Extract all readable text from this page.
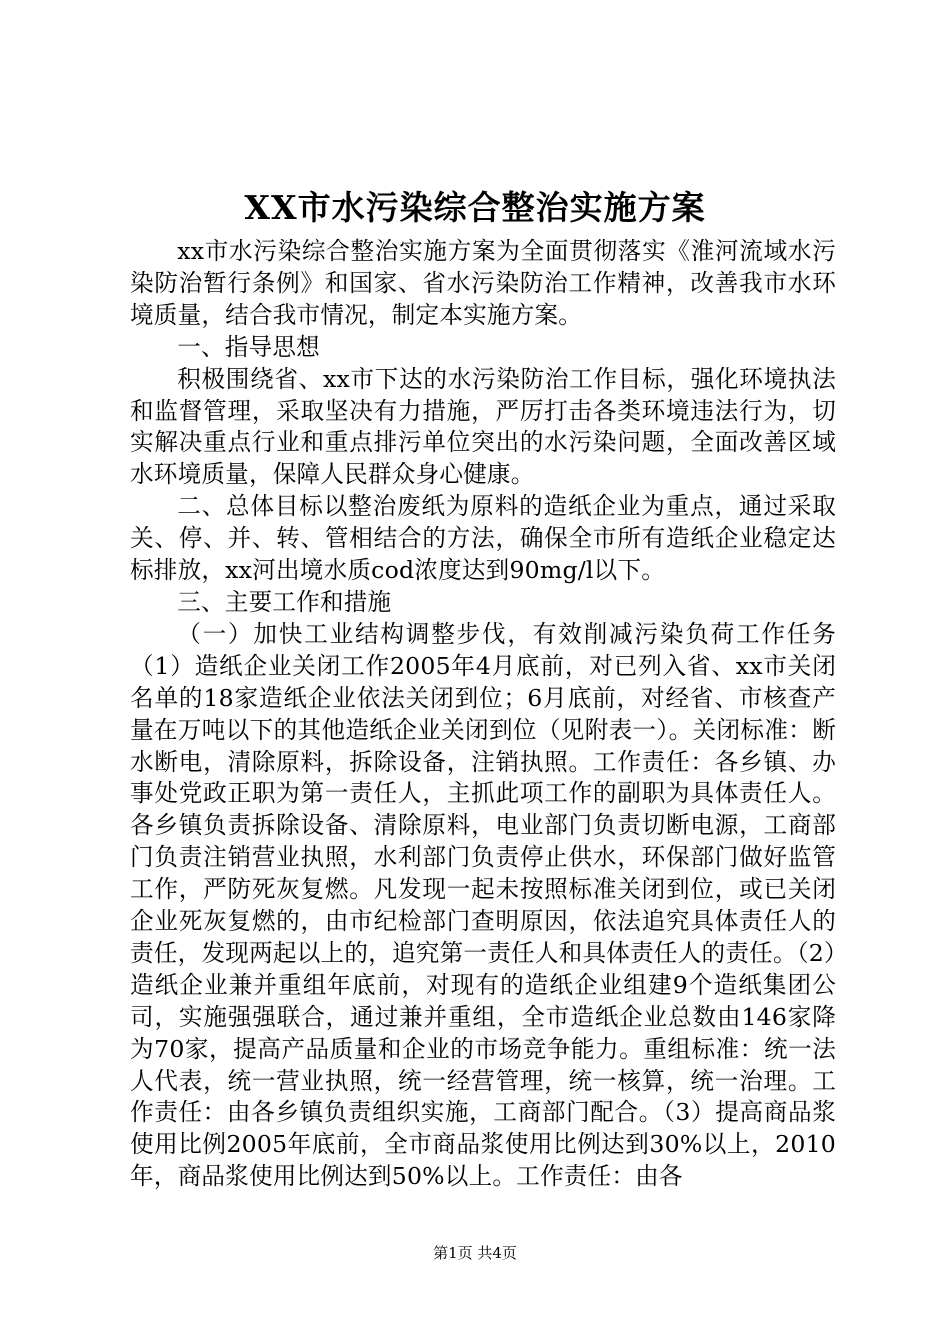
XX市水污染综合整治实施方案

xx市水污染综合整治实施方案为全面贯彻落实《淮河流域水污染防治暂行条例》和国家、省水污染防治工作精神，改善我市水环境质量，结合我市情况，制定本实施方案。

一、指导思想

积极围绕省、xx市下达的水污染防治工作目标，强化环境执法和监督管理，采取坚决有力措施，严厉打击各类环境违法行为，切实解决重点行业和重点排污单位突出的水污染问题，全面改善区域水环境质量，保障人民群众身心健康。

二、总体目标以整治废纸为原料的造纸企业为重点，通过采取关、停、并、转、管相结合的方法，确保全市所有造纸企业稳定达标排放，xx河出境水质cod浓度达到90mg/l以下。

三、主要工作和措施

（一）加快工业结构调整步伐，有效削减污染负荷工作任务（1）造纸企业关闭工作2005年4月底前，对已列入省、xx市关闭名单的18家造纸企业依法关闭到位；6月底前，对经省、市核查产量在万吨以下的其他造纸企业关闭到位（见附表一）。关闭标准：断水断电，清除原料，拆除设备，注销执照。工作责任：各乡镇、办事处党政正职为第一责任人，主抓此项工作的副职为具体责任人。各乡镇负责拆除设备、清除原料，电业部门负责切断电源，工商部门负责注销营业执照，水利部门负责停止供水，环保部门做好监管工作，严防死灰复燃。凡发现一起未按照标准关闭到位，或已关闭企业死灰复燃的，由市纪检部门查明原因，依法追究具体责任人的责任，发现两起以上的，追究第一责任人和具体责任人的责任。（2）造纸企业兼并重组年底前，对现有的造纸企业组建9个造纸集团公司，实施强强联合，通过兼并重组，全市造纸企业总数由146家降为70家，提高产品质量和企业的市场竞争能力。重组标准：统一法人代表，统一营业执照，统一经营管理，统一核算，统一治理。工作责任：由各乡镇负责组织实施，工商部门配合。（3）提高商品浆使用比例2005年底前，全市商品浆使用比例达到30%以上，2010年，商品浆使用比例达到50%以上。工作责任：由各

第1页 共4页
